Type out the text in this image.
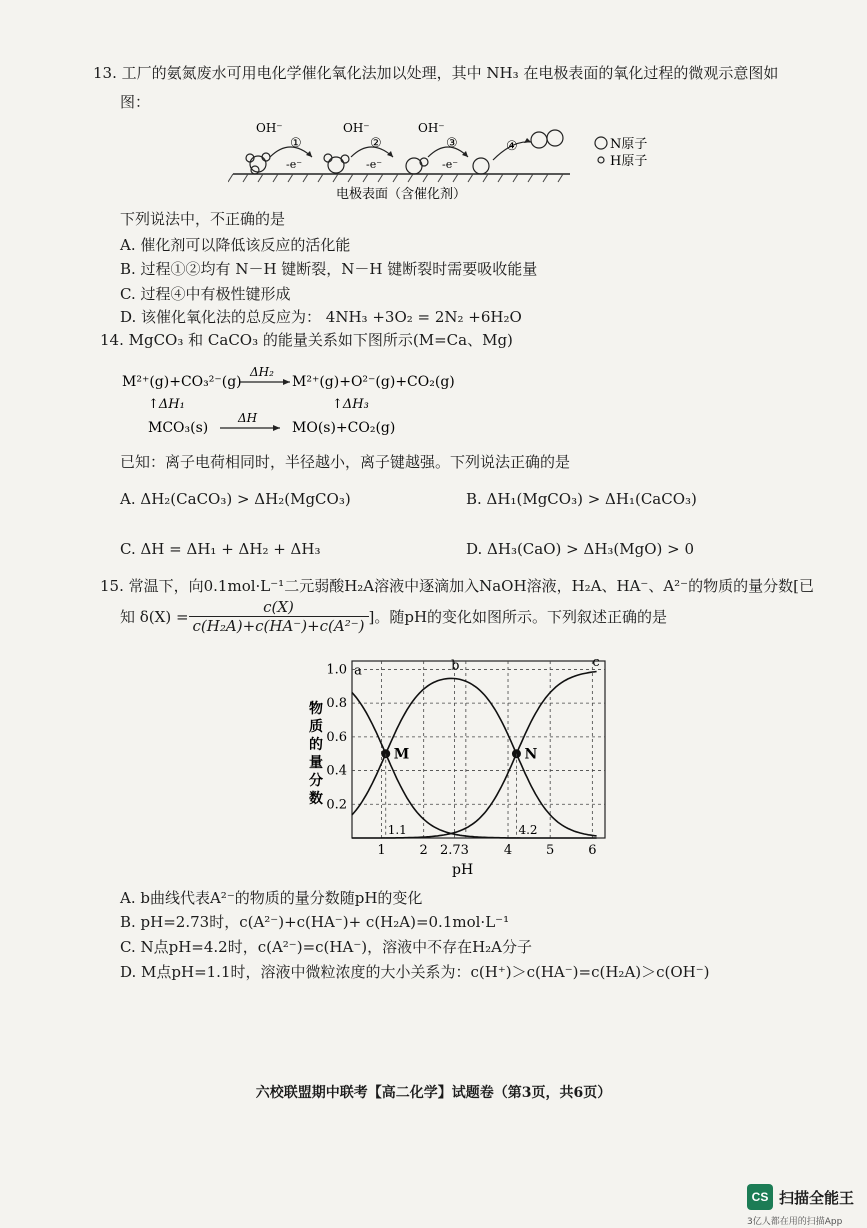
13. 工厂的氨氮废水可用电化学催化氧化法加以处理，其中 NH₃ 在电极表面的氧化过程的微观示意图如
图：
OH⁻	OH⁻	OH⁻
①	②	③	④
-e⁻	-e⁻	-e⁻
N原子
H原子
电极表面（含催化剂）
下列说法中，不正确的是
A. 催化剂可以降低该反应的活化能
B. 过程①②均有 N－H 键断裂，N－H 键断裂时需要吸收能量
C. 过程④中有极性键形成
D. 该催化氧化法的总反应为： 4NH₃ +3O₂ = 2N₂ +6H₂O
14. MgCO₃ 和 CaCO₃ 的能量关系如下图所示(M=Ca、Mg)
M²⁺(g)+CO₃²⁻(g)
ΔH₂
M²⁺(g)+O²⁻(g)+CO₂(g)
↑ΔH₁	↑ΔH₃
MCO₃(s)
ΔH
MO(s)+CO₂(g)
已知：离子电荷相同时，半径越小，离子键越强。下列说法正确的是
A. ΔH₂(CaCO₃) > ΔH₂(MgCO₃)	B. ΔH₁(MgCO₃) > ΔH₁(CaCO₃)
C. ΔH = ΔH₁ + ΔH₂ + ΔH₃	D. ΔH₃(CaO) > ΔH₃(MgO) > 0
15. 常温下，向0.1mol·L⁻¹二元弱酸H₂A溶液中逐滴加入NaOH溶液，H₂A、HA⁻、A²⁻的物质的量分数[已
知 $\delta(X) = \frac{c(X)}{\text{c(H₂A)+c(HA⁻)+c(A²⁻)}}$ ]。随pH的变化如图所示。下列叙述正确的是
1	2 2.73	4	5	6
0.2
0.4
0.6
0.8
1.0 a	b	c
M	N
1.1	4.2
物
质
的
量
分
数
pH
A. b曲线代表A²⁻的物质的量分数随pH的变化
B. pH=2.73时，c(A²⁻)+c(HA⁻)+ c(H₂A)=0.1mol·L⁻¹
C. N点pH=4.2时，c(A²⁻)=c(HA⁻)，溶液中不存在H₂A分子
D. M点pH=1.1时，溶液中微粒浓度的大小关系为：c(H⁺)＞c(HA⁻)=c(H₂A)＞c(OH⁻)
六校联盟期中联考【高二化学】试题卷（第3页，共6页）
CS 扫描全能王
3亿人都在用的扫描App
